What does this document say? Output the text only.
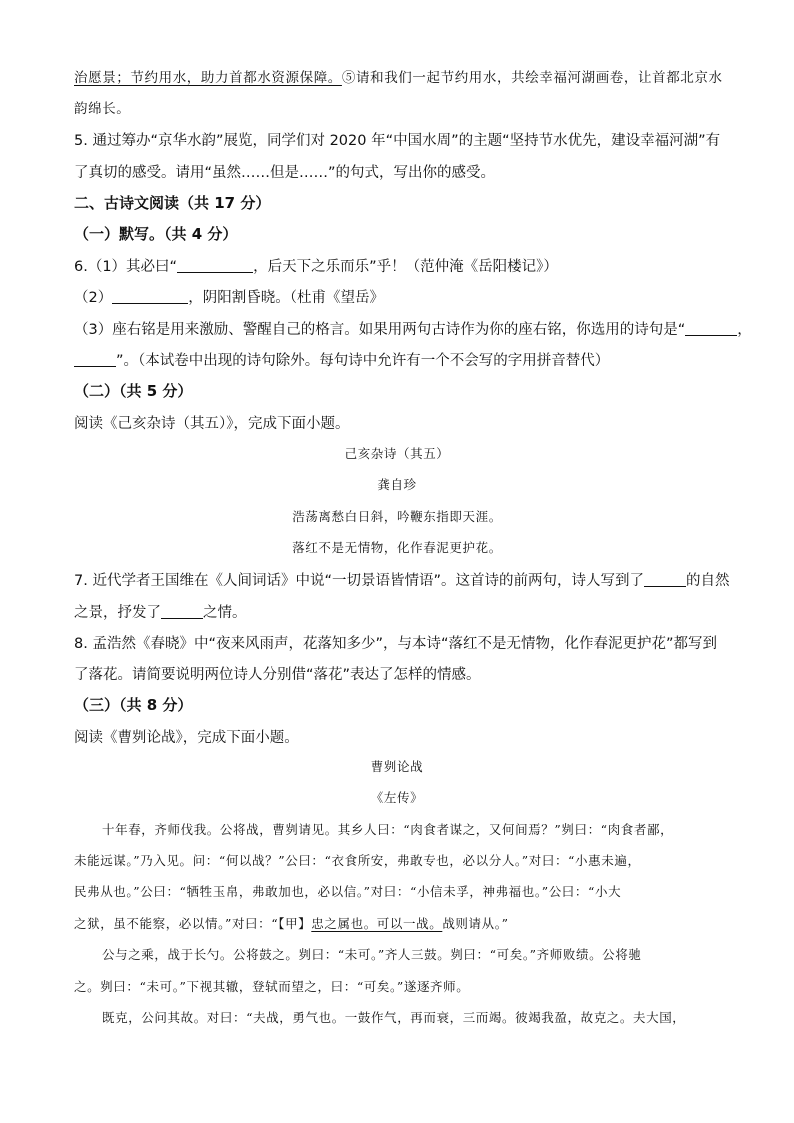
治愿景；节约用水，助力首都水资源保障。⑤请和我们一起节约用水，共绘幸福河湖画卷，让首都北京水
韵绵长。
5. 通过筹办“京华水韵”展览，同学们对 2020 年“中国水周”的主题“坚持节水优先，建设幸福河湖”有
了真切的感受。请用“虽然……但是……”的句式，写出你的感受。
二、古诗文阅读（共 17 分）
（一）默写。（共 4 分）
6.（1）其必曰“	，后天下之乐而乐”乎！（范仲淹《岳阳楼记》）
（2）	，阴阳割昏晓。（杜甫《望岳》
（3）座右铭是用来激励、警醒自己的格言。如果用两句古诗作为你的座右铭，你选用的诗句是“	，
”。（本试卷中出现的诗句除外。每句诗中允许有一个不会写的字用拼音替代）
（二）（共 5 分）
阅读《己亥杂诗（其五）》，完成下面小题。
己亥杂诗（其五）
龚自珍
浩荡离愁白日斜，吟鞭东指即天涯。
落红不是无情物，化作春泥更护花。
7. 近代学者王国维在《人间词话》中说“一切景语皆情语”。这首诗的前两句，诗人写到了	的自然
之景，抒发了	之情。
8. 孟浩然《春晓》中“夜来风雨声，花落知多少”，与本诗“落红不是无情物，化作春泥更护花”都写到
了落花。请简要说明两位诗人分别借“落花”表达了怎样的情感。
（三）（共 8 分）
阅读《曹刿论战》，完成下面小题。
曹刿论战
《左传》
十年春，齐师伐我。公将战，曹刿请见。其乡人曰：“肉食者谋之，又何间焉？”刿曰：“肉食者鄙，
未能远谋。”乃入见。问：“何以战？”公曰：“衣食所安，弗敢专也，必以分人。”对曰：“小惠未遍，
民弗从也。”公曰：“牺牲玉帛，弗敢加也，必以信。”对曰：“小信未孚，神弗福也。”公曰：“小大
之狱，虽不能察，必以情。”对曰：“【甲】忠之属也。可以一战。战则请从。”
公与之乘，战于长勺。公将鼓之。刿曰：“未可。”齐人三鼓。刿曰：“可矣。”齐师败绩。公将驰
之。刿曰：“未可。”下视其辙，登轼而望之，曰：“可矣。”遂逐齐师。
既克，公问其故。对曰：“夫战，勇气也。一鼓作气，再而衰，三而竭。彼竭我盈，故克之。夫大国，
